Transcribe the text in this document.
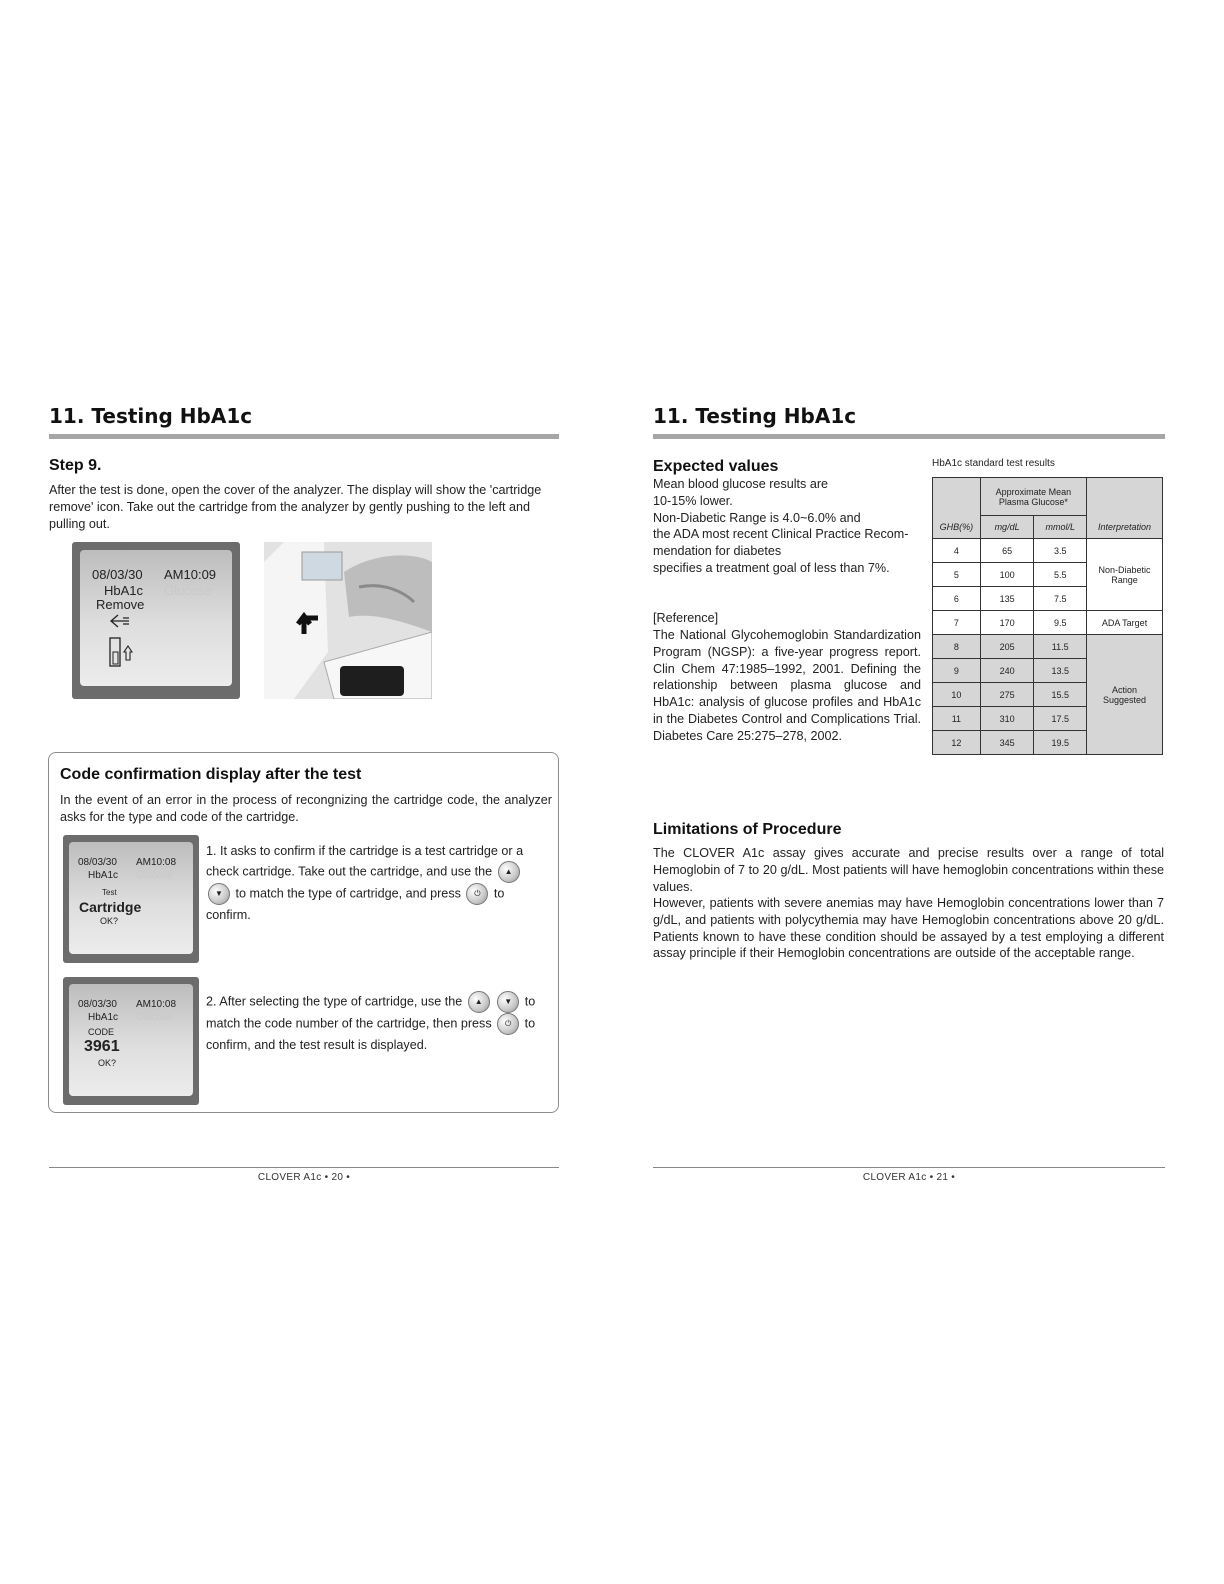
11. Testing HbA1c
Step 9.
After the test is done, open the cover of the analyzer. The display will show the 'cartridge remove' icon. Take out the cartridge from the analyzer by gently pushing to the left and pulling out.
08/03/30 AM10:09
HbA1c Glucose
Remove
Code confirmation display after the test
In the event of an error in the process of recongnizing the cartridge code, the analyzer asks for the type and code of the cartridge.
08/03/30 AM10:08
HbA1c Glucose
Test
Cartridge
OK?
1. It asks to confirm if the cartridge is a test cartridge or a check cartridge. Take out the cartridge, and use the ▲ ▼ to match the type of cartridge, and press ⏻ to confirm.
08/03/30 AM10:08
HbA1c Glucose
CODE
3961
OK?
2. After selecting the type of cartridge, use the ▲	▼ to match the code number of the cartridge, then press ⏻ to confirm, and the test result is displayed.
CLOVER A1c • 20 •
11. Testing HbA1c
Expected values
Mean blood glucose results are
10-15% lower.
Non-Diabetic Range is 4.0~6.0% and
the ADA most recent Clinical Practice Recom-
mendation for diabetes
specifies a treatment goal of less than 7%.
[Reference]
The National Glycohemoglobin Standardization Program (NGSP): a five-year progress report. Clin Chem 47:1985–1992, 2001. Defining the relationship between plasma glucose and HbA1c: analysis of glucose profiles and HbA1c in the Diabetes Control and Complications Trial. Diabetes Care 25:275–278, 2002.
HbA1c standard test results
	Approximate Mean Plasma Glucose*		
GHB(%)	mg/dL	mmol/L	Interpretation
4	65	3.5	Non-Diabetic Range
5	100	5.5	
6	135	7.5	
7	170	9.5	ADA Target
8	205	11.5	Action Suggested
9	240	13.5	
10	275	15.5	
11	310	17.5	
12	345	19.5	
Limitations of Procedure
The CLOVER A1c assay gives accurate and precise results over a range of total Hemoglobin of 7 to 20 g/dL. Most patients will have hemoglobin concentrations within these values.
However, patients with severe anemias may have Hemoglobin concentrations lower than 7 g/dL, and patients with polycythemia may have Hemoglobin concentrations above 20 g/dL. Patients known to have these condition should be assayed by a test employing a different assay principle if their Hemoglobin concentrations are outside of the acceptable range.
CLOVER A1c • 21 •
